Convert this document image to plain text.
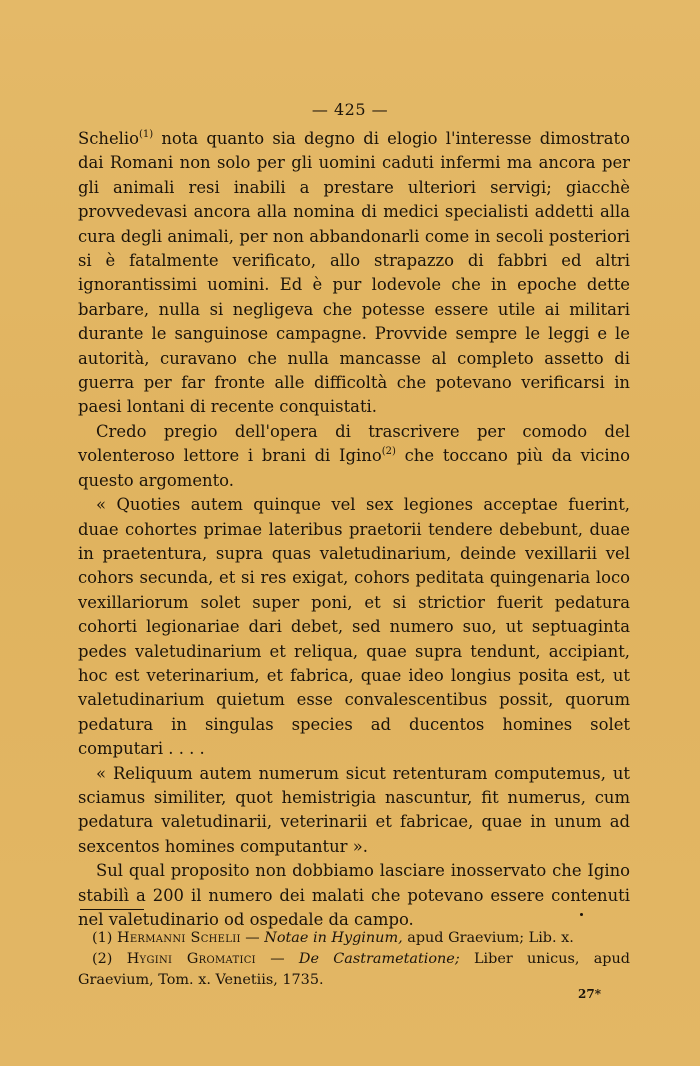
— 425 —

Schelio$^{(1)}$ nota quanto sia degno di elogio l'interesse dimostrato dai Romani non solo per gli uomini caduti infermi ma ancora per gli animali resi inabili a prestare ulteriori servigi; giacchè provvedevasi ancora alla nomina di medici specialisti addetti alla cura degli animali, per non abbandonarli come in secoli posteriori si è fatalmente verificato, allo strapazzo di fabbri ed altri ignorantissimi uomini. Ed è pur lodevole che in epoche dette barbare, nulla si negligeva che potesse essere utile ai militari durante le sanguinose campagne. Provvide sempre le leggi e le autorità, curavano che nulla mancasse al completo assetto di guerra per far fronte alle difficoltà che potevano verificarsi in paesi lontani di recente conquistati.

Credo pregio dell'opera di trascrivere per comodo del volenteroso lettore i brani di Igino$^{(2)}$ che toccano più da vicino questo argomento.

« Quoties autem quinque vel sex legiones acceptae fuerint, duae cohortes primae lateribus praetorii tendere debebunt, duae in praetentura, supra quas valetudinarium, deinde vexillarii vel cohors secunda, et si res exigat, cohors peditata quingenaria loco vexillariorum solet super poni, et si strictior fuerit pedatura cohorti legionariae dari debet, sed numero suo, ut septuaginta pedes valetudinarium et reliqua, quae supra tendunt, accipiant, hoc est veterinarium, et fabrica, quae ideo longius posita est, ut valetudinarium quietum esse convalescentibus possit, quorum pedatura in singulas species ad ducentos homines solet computari . . . .

« Reliquum autem numerum sicut retenturam computemus, ut sciamus similiter, quot hemistrigia nascuntur, fit numerus, cum pedatura valetudinarii, veterinarii et fabricae, quae in unum ad sexcentos homines computantur ».

Sul qual proposito non dobbiamo lasciare inosservato che Igino stabilì a 200 il numero dei malati che potevano essere contenuti nel valetudinario od ospedale da campo.

(1) Hermanni Schelii — Notae in Hyginum, apud Graevium; Lib. x.

(2) Hygini Gromatici — De Castrametatione; Liber unicus, apud Graevium, Tom. x. Venetiis, 1735.

27*
